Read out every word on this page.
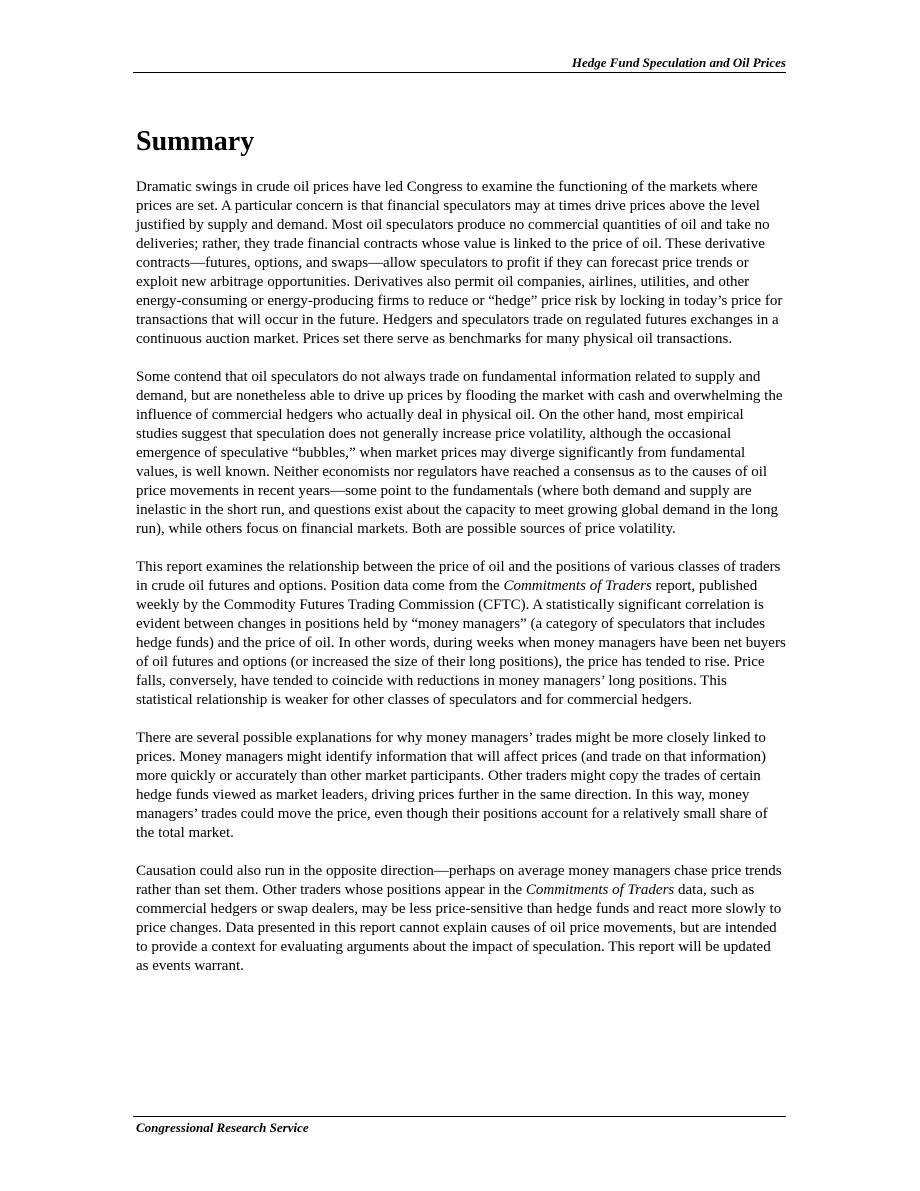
Hedge Fund Speculation and Oil Prices
Summary

Dramatic swings in crude oil prices have led Congress to examine the functioning of the markets where prices are set. A particular concern is that financial speculators may at times drive prices above the level justified by supply and demand. Most oil speculators produce no commercial quantities of oil and take no deliveries; rather, they trade financial contracts whose value is linked to the price of oil. These derivative contracts—futures, options, and swaps—allow speculators to profit if they can forecast price trends or exploit new arbitrage opportunities. Derivatives also permit oil companies, airlines, utilities, and other energy-consuming or energy-producing firms to reduce or “hedge” price risk by locking in today’s price for transactions that will occur in the future. Hedgers and speculators trade on regulated futures exchanges in a continuous auction market. Prices set there serve as benchmarks for many physical oil transactions.

Some contend that oil speculators do not always trade on fundamental information related to supply and demand, but are nonetheless able to drive up prices by flooding the market with cash and overwhelming the influence of commercial hedgers who actually deal in physical oil. On the other hand, most empirical studies suggest that speculation does not generally increase price volatility, although the occasional emergence of speculative “bubbles,” when market prices may diverge significantly from fundamental values, is well known. Neither economists nor regulators have reached a consensus as to the causes of oil price movements in recent years—some point to the fundamentals (where both demand and supply are inelastic in the short run, and questions exist about the capacity to meet growing global demand in the long run), while others focus on financial markets. Both are possible sources of price volatility.

This report examines the relationship between the price of oil and the positions of various classes of traders in crude oil futures and options. Position data come from the Commitments of Traders report, published weekly by the Commodity Futures Trading Commission (CFTC). A statistically significant correlation is evident between changes in positions held by “money managers” (a category of speculators that includes hedge funds) and the price of oil. In other words, during weeks when money managers have been net buyers of oil futures and options (or increased the size of their long positions), the price has tended to rise. Price falls, conversely, have tended to coincide with reductions in money managers’ long positions. This statistical relationship is weaker for other classes of speculators and for commercial hedgers.

There are several possible explanations for why money managers’ trades might be more closely linked to prices. Money managers might identify information that will affect prices (and trade on that information) more quickly or accurately than other market participants. Other traders might copy the trades of certain hedge funds viewed as market leaders, driving prices further in the same direction. In this way, money managers’ trades could move the price, even though their positions account for a relatively small share of the total market.

Causation could also run in the opposite direction—perhaps on average money managers chase price trends rather than set them. Other traders whose positions appear in the Commitments of Traders data, such as commercial hedgers or swap dealers, may be less price-sensitive than hedge funds and react more slowly to price changes. Data presented in this report cannot explain causes of oil price movements, but are intended to provide a context for evaluating arguments about the impact of speculation. This report will be updated as events warrant.

Congressional Research Service
